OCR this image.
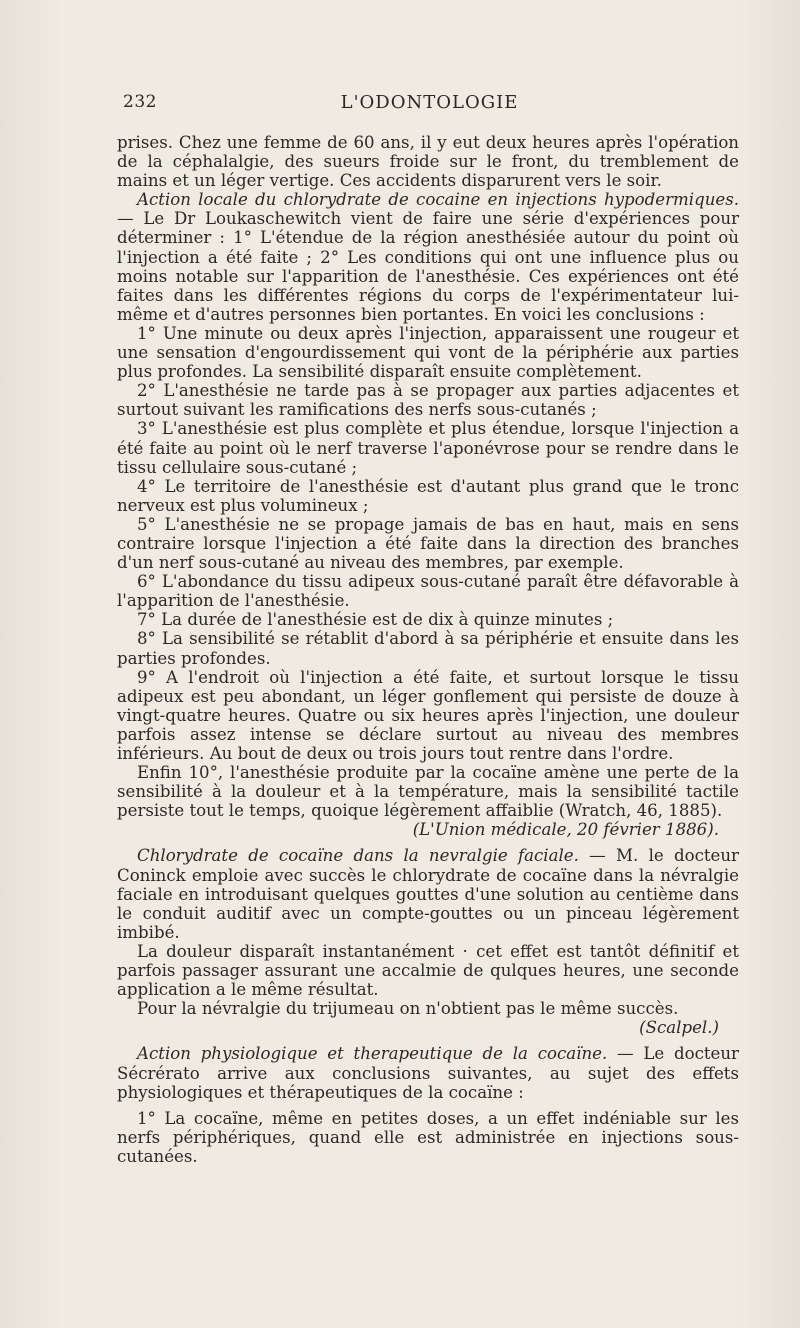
232	L'ODONTOLOGIE

prises. Chez une femme de 60 ans, il y eut deux heures après l'opération de la céphalalgie, des sueurs froide sur le front, du tremblement de mains et un léger vertige. Ces accidents disparurent vers le soir.

Action locale du chlorydrate de cocaine en injections hypodermiques. — Le Dr Loukaschewitch vient de faire une série d'expériences pour déterminer : 1° L'étendue de la région anesthésiée autour du point où l'injection a été faite ; 2° Les conditions qui ont une influence plus ou moins notable sur l'apparition de l'anesthésie. Ces expériences ont été faites dans les différentes régions du corps de l'expérimentateur lui-même et d'autres personnes bien portantes. En voici les conclusions :

1° Une minute ou deux après l'injection, apparaissent une rougeur et une sensation d'engourdissement qui vont de la périphérie aux parties plus profondes. La sensibilité disparaît ensuite complètement.

2° L'anesthésie ne tarde pas à se propager aux parties adjacentes et surtout suivant les ramifications des nerfs sous-cutanés ;

3° L'anesthésie est plus complète et plus étendue, lorsque l'injection a été faite au point où le nerf traverse l'aponévrose pour se rendre dans le tissu cellulaire sous-cutané ;

4° Le territoire de l'anesthésie est d'autant plus grand que le tronc nerveux est plus volumineux ;

5° L'anesthésie ne se propage jamais de bas en haut, mais en sens contraire lorsque l'injection a été faite dans la direction des branches d'un nerf sous-cutané au niveau des membres, par exemple.

6° L'abondance du tissu adipeux sous-cutané paraît être défavorable à l'apparition de l'anesthésie.

7° La durée de l'anesthésie est de dix à quinze minutes ;

8° La sensibilité se rétablit d'abord à sa périphérie et ensuite dans les parties profondes.

9° A l'endroit où l'injection a été faite, et surtout lorsque le tissu adipeux est peu abondant, un léger gonflement qui persiste de douze à vingt-quatre heures. Quatre ou six heures après l'injection, une douleur parfois assez intense se déclare surtout au niveau des membres inférieurs. Au bout de deux ou trois jours tout rentre dans l'ordre.

Enfin 10°, l'anesthésie produite par la cocaïne amène une perte de la sensibilité à la douleur et à la température, mais la sensibilité tactile persiste tout le temps, quoique légèrement affaiblie (Wratch, 46, 1885).

(L'Union médicale, 20 février 1886).

Chlorydrate de cocaïne dans la nevralgie faciale. — M. le docteur Coninck emploie avec succès le chlorydrate de cocaïne dans la névralgie faciale en introduisant quelques gouttes d'une solution au centième dans le conduit auditif avec un compte-gouttes ou un pinceau légèrement imbibé.

La douleur disparaît instantanément · cet effet est tantôt définitif et parfois passager assurant une accalmie de qulques heures, une seconde application a le même résultat.

Pour la névralgie du trijumeau on n'obtient pas le même succès.

(Scalpel.)

Action physiologique et therapeutique de la cocaïne. — Le docteur Sécrérato arrive aux conclusions suivantes, au sujet des effets physiologiques et thérapeutiques de la cocaïne :

1° La cocaïne, même en petites doses, a un effet indéniable sur les nerfs périphériques, quand elle est administrée en injections sous-cutanées.
